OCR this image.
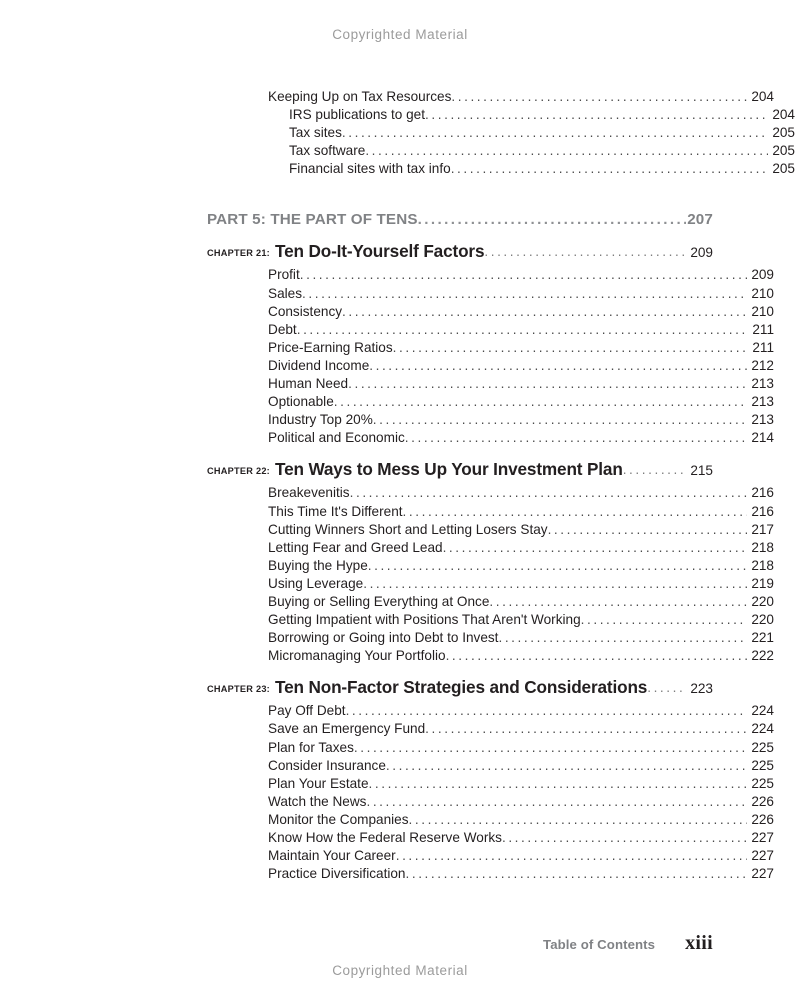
Copyrighted Material
Keeping Up on Tax Resources . . .	204
IRS publications to get . . .	204
Tax sites . . .	205
Tax software . . .	205
Financial sites with tax info . . .	205
PART 5: THE PART OF TENS . . .	207
CHAPTER 21: Ten Do-It-Yourself Factors . . .	209
Profit . . .	209
Sales . . .	210
Consistency . . .	210
Debt . . .	211
Price-Earning Ratios . . .	211
Dividend Income . . .	212
Human Need . . .	213
Optionable . . .	213
Industry Top 20% . . .	213
Political and Economic . . .	214
CHAPTER 22: Ten Ways to Mess Up Your Investment Plan . . .	215
Breakevenitis . . .	216
This Time It's Different . . .	216
Cutting Winners Short and Letting Losers Stay . . .	217
Letting Fear and Greed Lead . . .	218
Buying the Hype . . .	218
Using Leverage . . .	219
Buying or Selling Everything at Once . . .	220
Getting Impatient with Positions That Aren't Working . . .	220
Borrowing or Going into Debt to Invest . . .	221
Micromanaging Your Portfolio . . .	222
CHAPTER 23: Ten Non-Factor Strategies and Considerations . . .	223
Pay Off Debt . . .	224
Save an Emergency Fund . . .	224
Plan for Taxes . . .	225
Consider Insurance . . .	225
Plan Your Estate . . .	225
Watch the News . . .	226
Monitor the Companies . . .	226
Know How the Federal Reserve Works . . .	227
Maintain Your Career . . .	227
Practice Diversification . . .	227
Table of Contents xiii
Copyrighted Material
